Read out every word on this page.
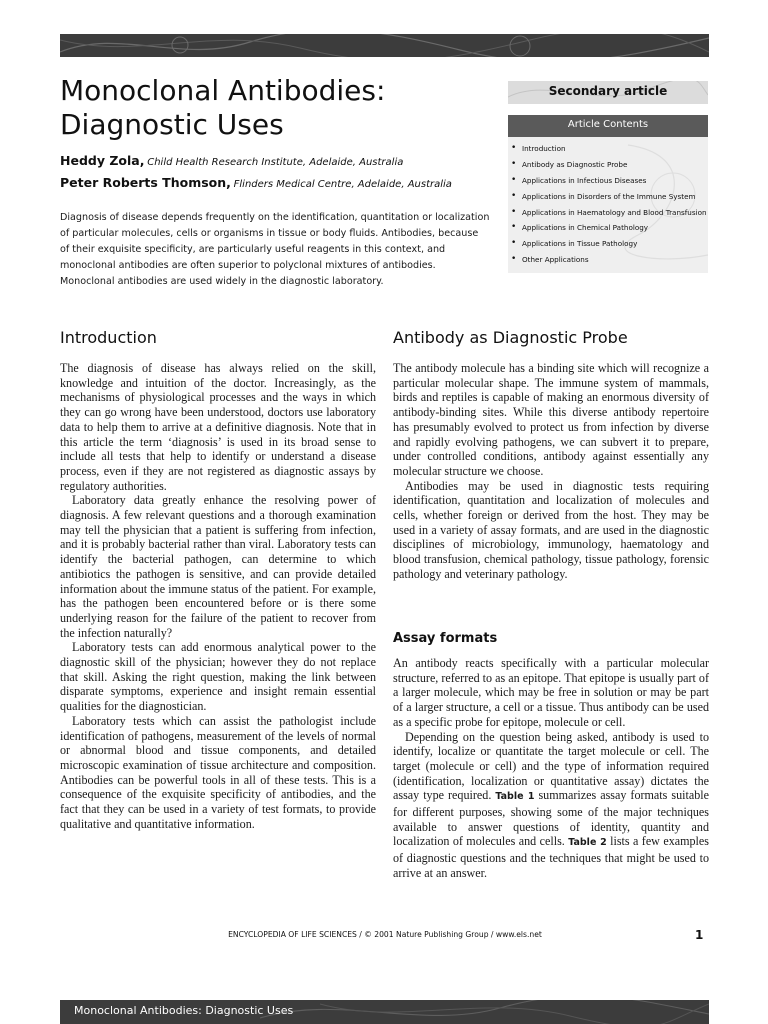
Monoclonal Antibodies:
Diagnostic Uses
Heddy Zola, Child Health Research Institute, Adelaide, Australia
Peter Roberts Thomson, Flinders Medical Centre, Adelaide, Australia

Diagnosis of disease depends frequently on the identification, quantitation or localization of particular molecules, cells or organisms in tissue or body fluids. Antibodies, because of their exquisite specificity, are particularly useful reagents in this context, and monoclonal antibodies are often superior to polyclonal mixtures of antibodies. Monoclonal antibodies are used widely in the diagnostic laboratory.

Secondary article
Article Contents
• Introduction
• Antibody as Diagnostic Probe
• Applications in Infectious Diseases
• Applications in Disorders of the Immune System
• Applications in Haematology and Blood Transfusion
• Applications in Chemical Pathology
• Applications in Tissue Pathology
• Other Applications
Introduction	Antibody as Diagnostic Probe

The diagnosis of disease has always relied on the skill, knowledge and intuition of the doctor. Increasingly, as the mechanisms of physiological processes and the ways in which they can go wrong have been understood, doctors use laboratory data to help them to arrive at a definitive diagnosis. Note that in this article the term ‘diagnosis’ is used in its broad sense to include all tests that help to identify or understand a disease process, even if they are not registered as diagnostic assays by regulatory authorities.

Laboratory data greatly enhance the resolving power of diagnosis. A few relevant questions and a thorough examination may tell the physician that a patient is suffering from infection, and it is probably bacterial rather than viral. Laboratory tests can identify the bacterial pathogen, can determine to which antibiotics the pathogen is sensitive, and can provide detailed information about the immune status of the patient. For example, has the pathogen been encountered before or is there some underlying reason for the failure of the patient to recover from the infection naturally?

Laboratory tests can add enormous analytical power to the diagnostic skill of the physician; however they do not replace that skill. Asking the right question, making the link between disparate symptoms, experience and insight remain essential qualities for the diagnostician.

Laboratory tests which can assist the pathologist include identification of pathogens, measurement of the levels of normal or abnormal blood and tissue components, and detailed microscopic examination of tissue architecture and composition. Antibodies can be powerful tools in all of these tests. This is a consequence of the exquisite specificity of antibodies, and the fact that they can be used in a variety of test formats, to provide qualitative and quantitative information.

The antibody molecule has a binding site which will recognize a particular molecular shape. The immune system of mammals, birds and reptiles is capable of making an enormous diversity of antibody-binding sites. While this diverse antibody repertoire has presumably evolved to protect us from infection by diverse and rapidly evolving pathogens, we can subvert it to prepare, under controlled conditions, antibody against essentially any molecular structure we choose.

Antibodies may be used in diagnostic tests requiring identification, quantitation and localization of molecules and cells, whether foreign or derived from the host. They may be used in a variety of assay formats, and are used in the diagnostic disciplines of microbiology, immunology, haematology and blood transfusion, chemical pathology, tissue pathology, forensic pathology and veterinary pathology.

Assay formats

An antibody reacts specifically with a particular molecular structure, referred to as an epitope. That epitope is usually part of a larger molecule, which may be free in solution or may be part of a larger structure, a cell or a tissue. Thus antibody can be used as a specific probe for epitope, molecule or cell.

Depending on the question being asked, antibody is used to identify, localize or quantitate the target molecule or cell. The target (molecule or cell) and the type of information required (identification, localization or quantitative assay) dictates the assay type required. Table 1 summarizes assay formats suitable for different purposes, showing some of the major techniques available to answer questions of identity, quantity and localization of molecules and cells. Table 2 lists a few examples of diagnostic questions and the techniques that might be used to arrive at an answer.

ENCYCLOPEDIA OF LIFE SCIENCES / © 2001 Nature Publishing Group / www.els.net	1
Monoclonal Antibodies: Diagnostic Uses
